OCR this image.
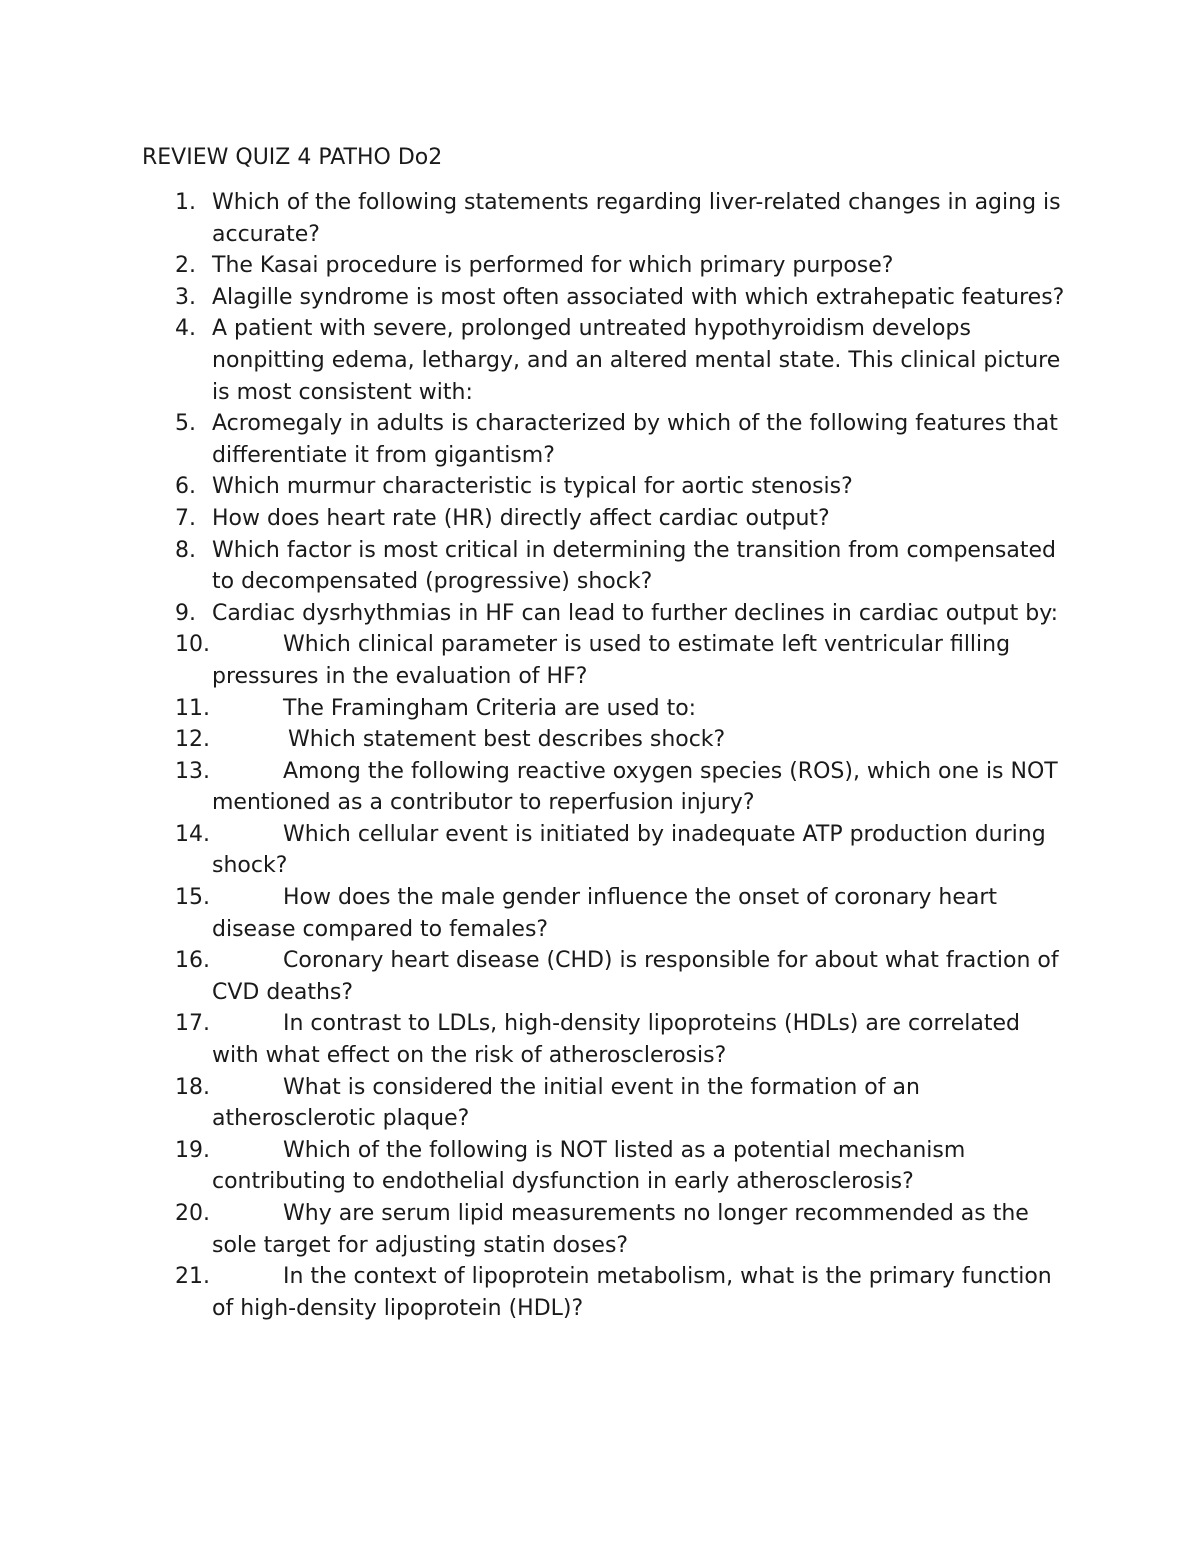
REVIEW QUIZ 4 PATHO Do2
1. Which of the following statements regarding liver-related changes in aging is accurate?
2. The Kasai procedure is performed for which primary purpose?
3. Alagille syndrome is most often associated with which extrahepatic features?
4. A patient with severe, prolonged untreated hypothyroidism develops nonpitting edema, lethargy, and an altered mental state. This clinical picture is most consistent with:
5. Acromegaly in adults is characterized by which of the following features that differentiate it from gigantism?
6. Which murmur characteristic is typical for aortic stenosis?
7. How does heart rate (HR) directly affect cardiac output?
8. Which factor is most critical in determining the transition from compensated to decompensated (progressive) shock?
9. Cardiac dysrhythmias in HF can lead to further declines in cardiac output by:
10.	Which clinical parameter is used to estimate left ventricular filling pressures in the evaluation of HF?
11.	The Framingham Criteria are used to:
12.	Which statement best describes shock?
13.	Among the following reactive oxygen species (ROS), which one is NOT mentioned as a contributor to reperfusion injury?
14.	Which cellular event is initiated by inadequate ATP production during shock?
15.	How does the male gender influence the onset of coronary heart disease compared to females?
16.	Coronary heart disease (CHD) is responsible for about what fraction of CVD deaths?
17.	In contrast to LDLs, high-density lipoproteins (HDLs) are correlated with what effect on the risk of atherosclerosis?
18.	What is considered the initial event in the formation of an atherosclerotic plaque?
19.	Which of the following is NOT listed as a potential mechanism contributing to endothelial dysfunction in early atherosclerosis?
20.	Why are serum lipid measurements no longer recommended as the sole target for adjusting statin doses?
21.	In the context of lipoprotein metabolism, what is the primary function of high-density lipoprotein (HDL)?
